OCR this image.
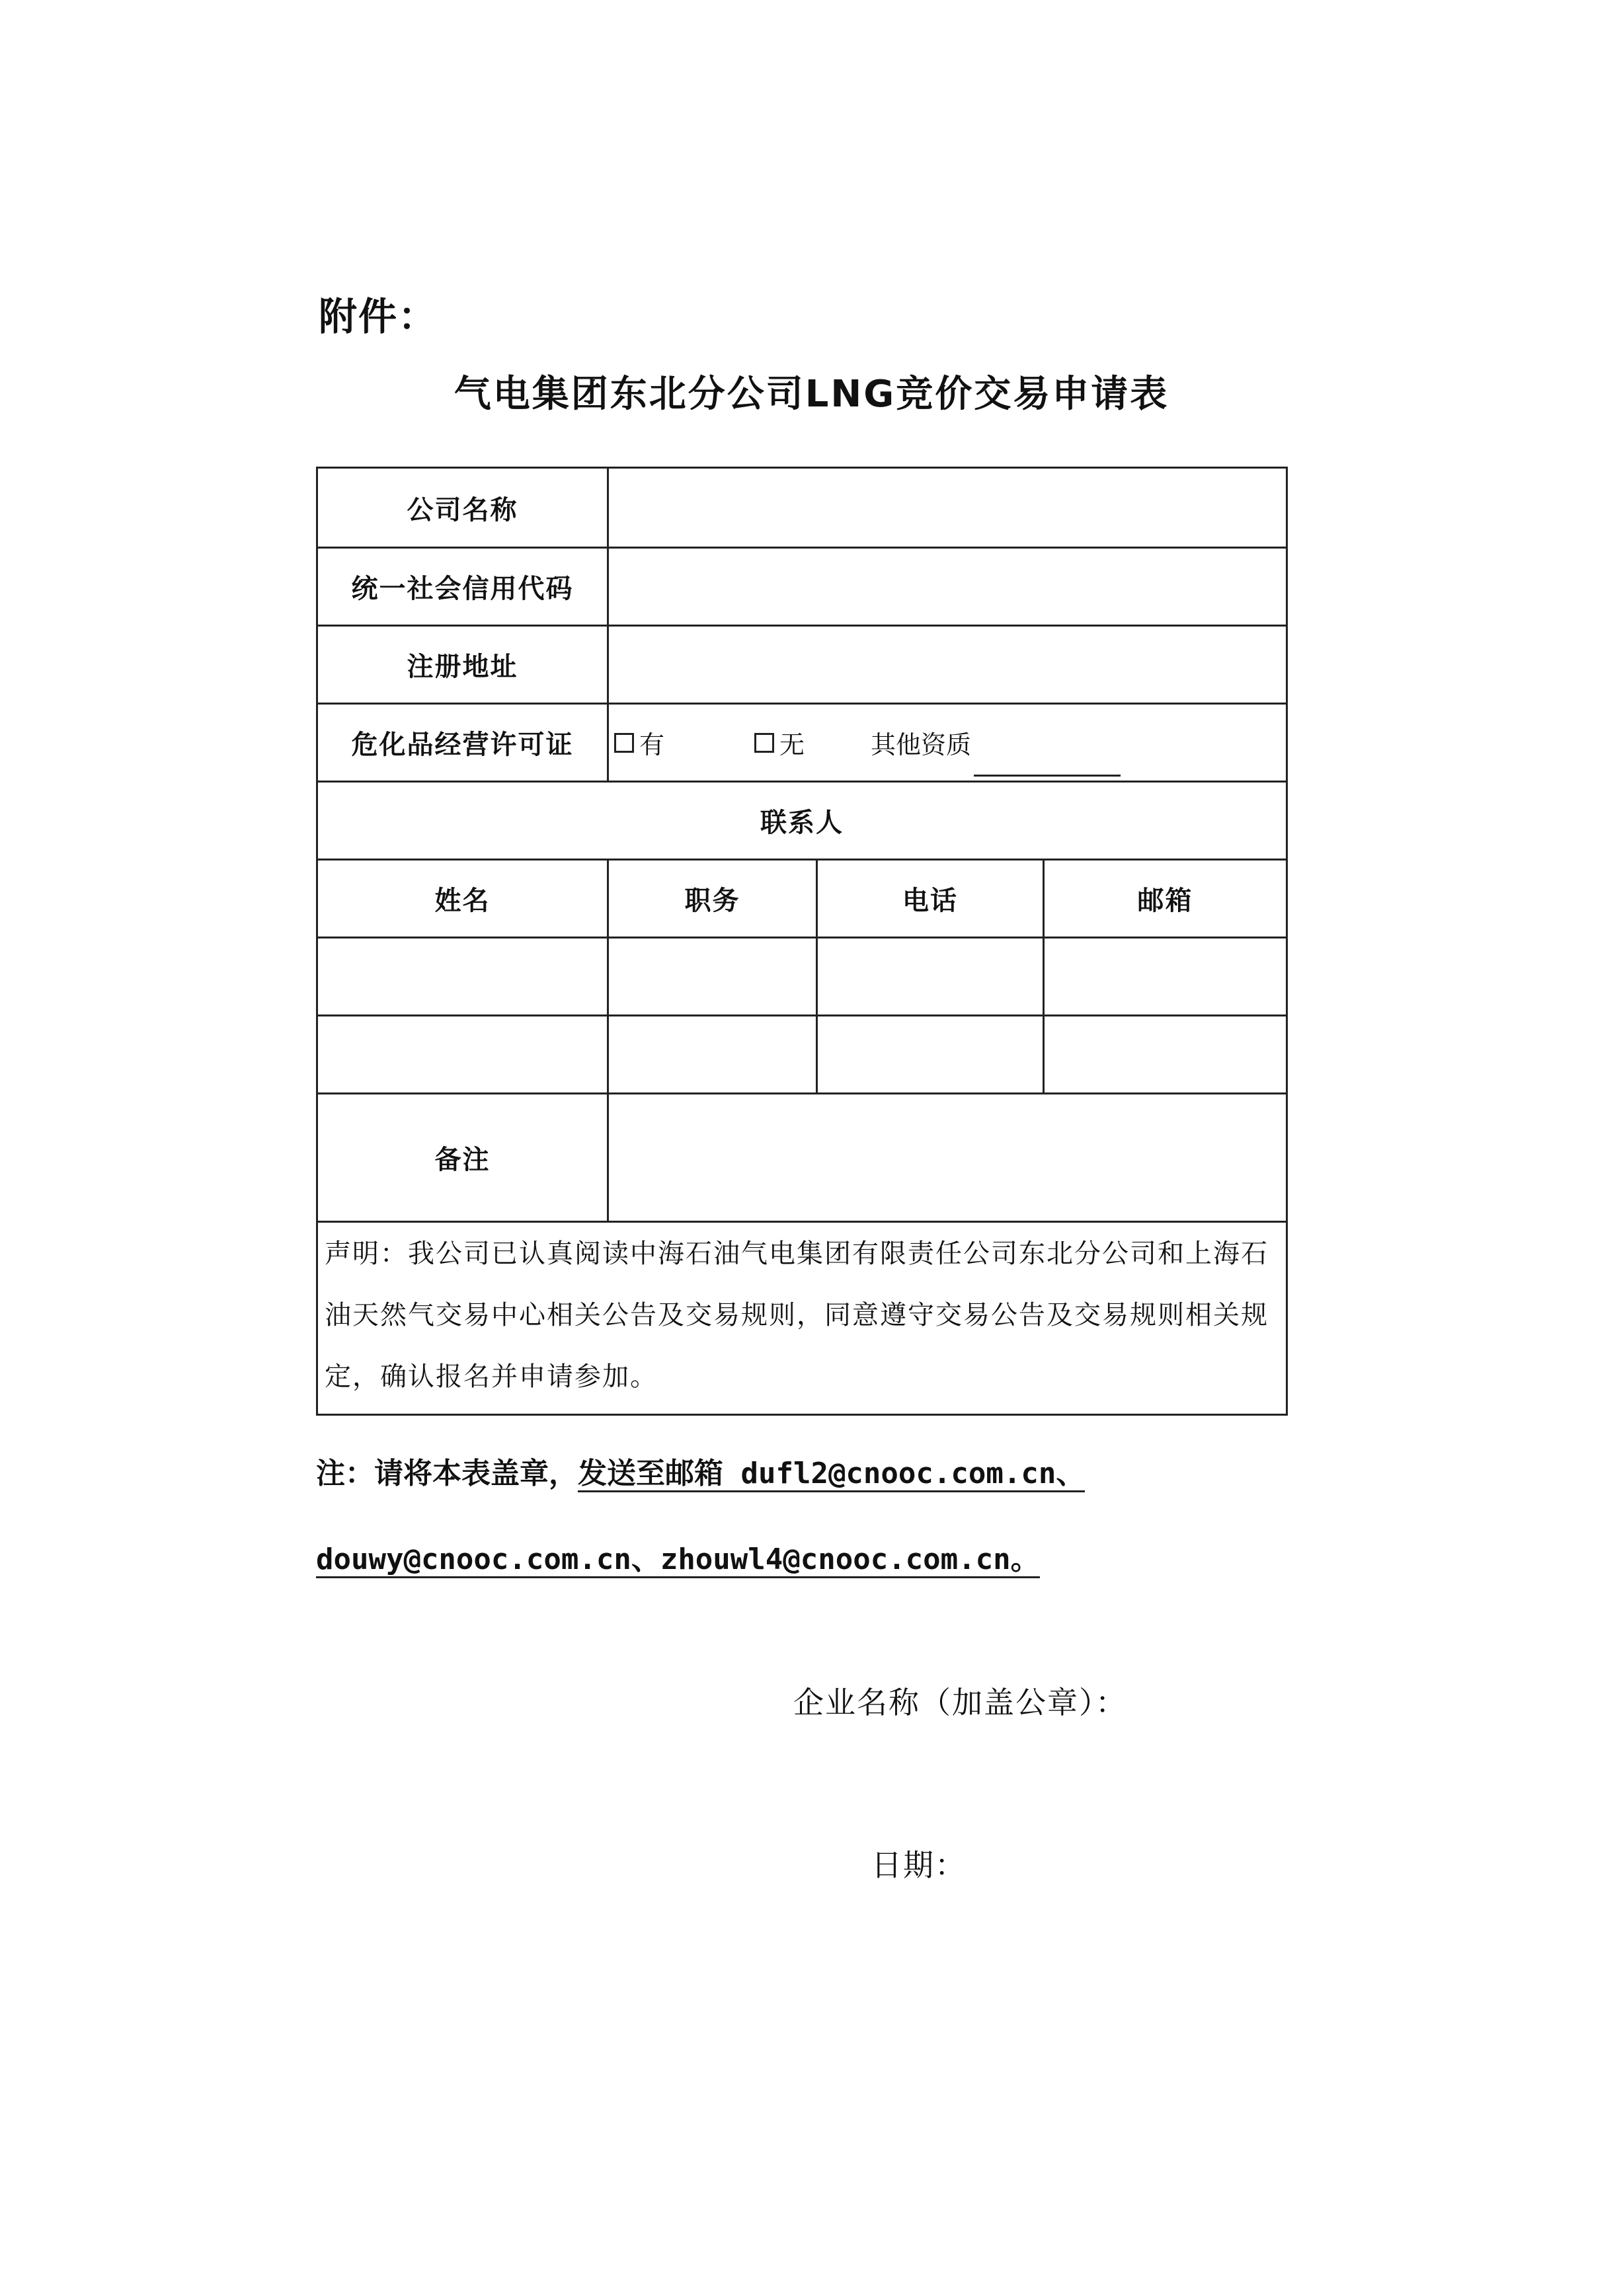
附件：
气电集团东北分公司LNG竞价交易申请表
公司名称
统一社会信用代码
注册地址
危化品经营许可证	有	无	其他资质
联系人
姓名	职务	电话	邮箱
备注
声明：我公司已认真阅读中海石油气电集团有限责任公司东北分公司和上海石油天然气交易中心相关公告及交易规则，同意遵守交易公告及交易规则相关规定，确认报名并申请参加。
注：请将本表盖章，发送至邮箱 dufl2@cnooc.com.cn、
douwy@cnooc.com.cn、zhouwl4@cnooc.com.cn。
企业名称（加盖公章）：
日期：
